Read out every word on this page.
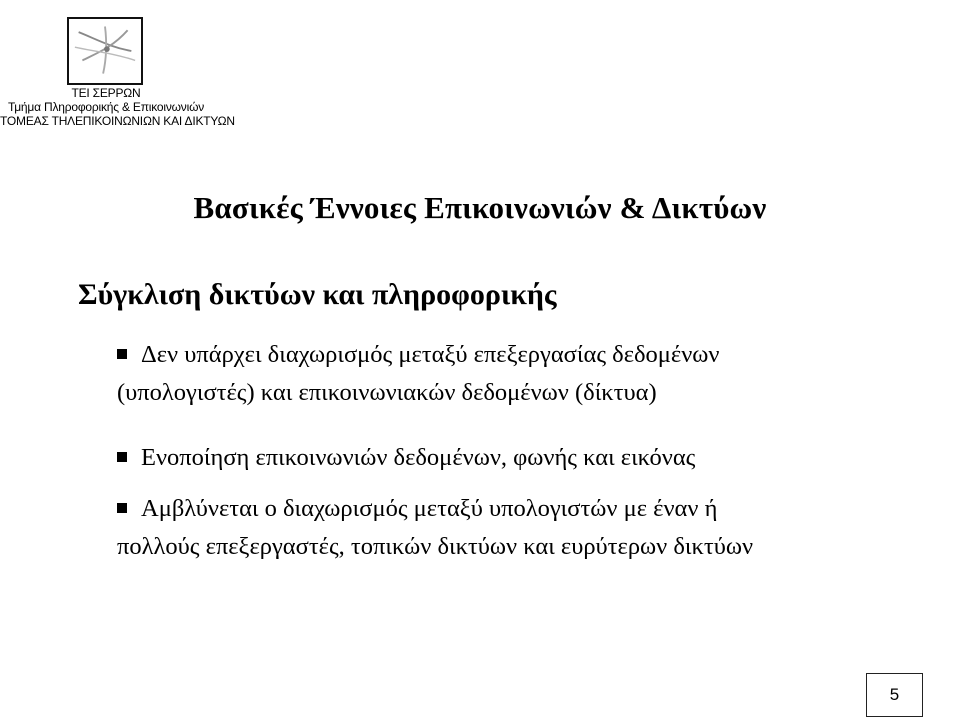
ΤΕΙ ΣΕΡΡΩΝ
Τμήμα Πληροφορικής & Επικοινωνιών
ΤΟΜΕΑΣ ΤΗΛΕΠΙΚΟΙΝΩΝΙΩΝ ΚΑΙ ΔΙΚΤΥΩΝ
Βασικές Έννοιες Επικοινωνιών & Δικτύων
Σύγκλιση δικτύων και πληροφορικής
Δεν υπάρχει διαχωρισμός μεταξύ επεξεργασίας δεδομένων
(υπολογιστές) και επικοινωνιακών δεδομένων (δίκτυα)
Ενοποίηση επικοινωνιών δεδομένων, φωνής και εικόνας
Αμβλύνεται ο διαχωρισμός μεταξύ υπολογιστών με έναν ή
πολλούς επεξεργαστές, τοπικών δικτύων και ευρύτερων δικτύων
5
